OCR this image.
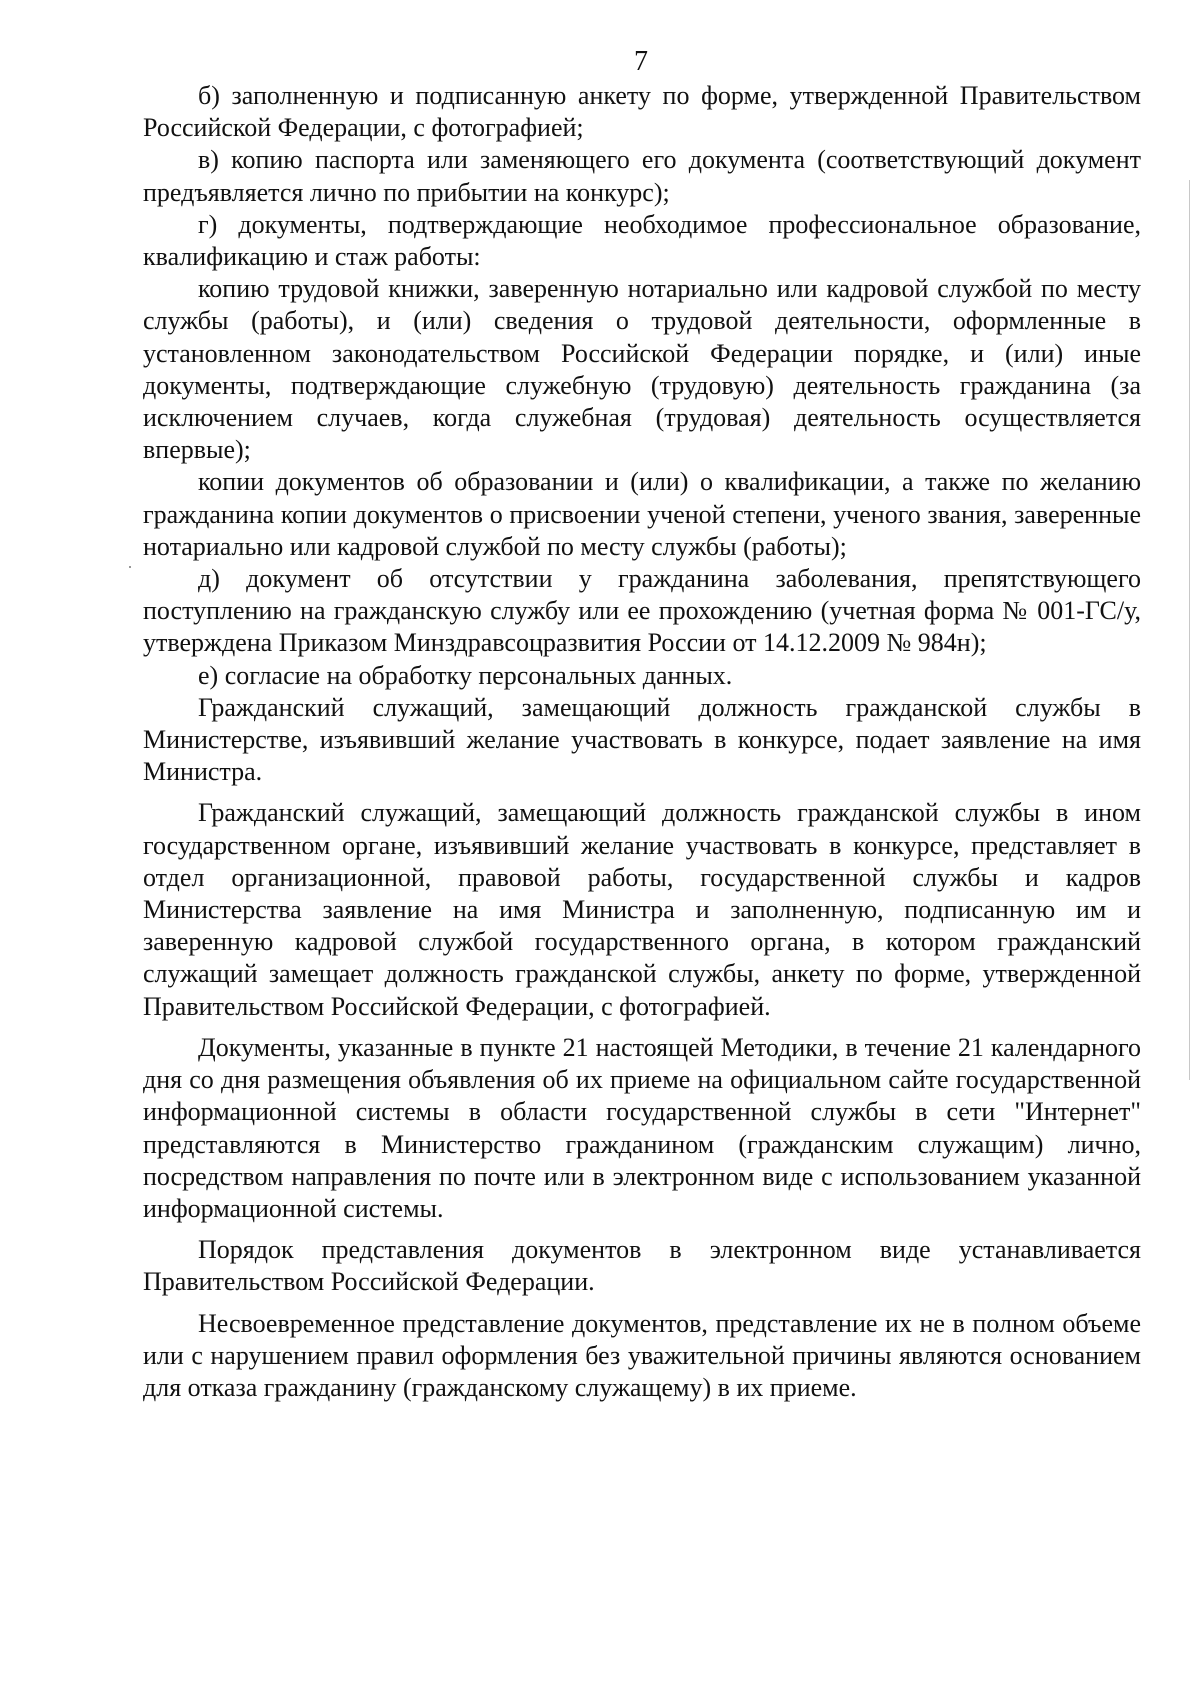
7

б) заполненную и подписанную анкету по форме, утвержденной Правительством Российской Федерации, с фотографией;

в) копию паспорта или заменяющего его документа (соответствующий документ предъявляется лично по прибытии на конкурс);

г) документы, подтверждающие необходимое профессиональное образование, квалификацию и стаж работы:

копию трудовой книжки, заверенную нотариально или кадровой службой по месту службы (работы), и (или) сведения о трудовой деятельности, оформленные в установленном законодательством Российской Федерации порядке, и (или) иные документы, подтверждающие служебную (трудовую) деятельность гражданина (за исключением случаев, когда служебная (трудовая) деятельность осуществляется впервые);

копии документов об образовании и (или) о квалификации, а также по желанию гражданина копии документов о присвоении ученой степени, ученого звания, заверенные нотариально или кадровой службой по месту службы (работы);

д) документ об отсутствии у гражданина заболевания, препятствующего поступлению на гражданскую службу или ее прохождению (учетная форма № 001-ГС/у, утверждена Приказом Минздравсоцразвития России от 14.12.2009 № 984н);

е) согласие на обработку персональных данных.

Гражданский служащий, замещающий должность гражданской службы в Министерстве, изъявивший желание участвовать в конкурсе, подает заявление на имя Министра.

Гражданский служащий, замещающий должность гражданской службы в ином государственном органе, изъявивший желание участвовать в конкурсе, представляет в отдел организационной, правовой работы, государственной службы и кадров Министерства заявление на имя Министра и заполненную, подписанную им и заверенную кадровой службой государственного органа, в котором гражданский служащий замещает должность гражданской службы, анкету по форме, утвержденной Правительством Российской Федерации, с фотографией.

Документы, указанные в пункте 21 настоящей Методики, в течение 21 календарного дня со дня размещения объявления об их приеме на официальном сайте государственной информационной системы в области государственной службы в сети "Интернет" представляются в Министерство гражданином (гражданским служащим) лично, посредством направления по почте или в электронном виде с использованием указанной информационной системы.

Порядок представления документов в электронном виде устанавливается Правительством Российской Федерации.

Несвоевременное представление документов, представление их не в полном объеме или с нарушением правил оформления без уважительной причины являются основанием для отказа гражданину (гражданскому служащему) в их приеме.
